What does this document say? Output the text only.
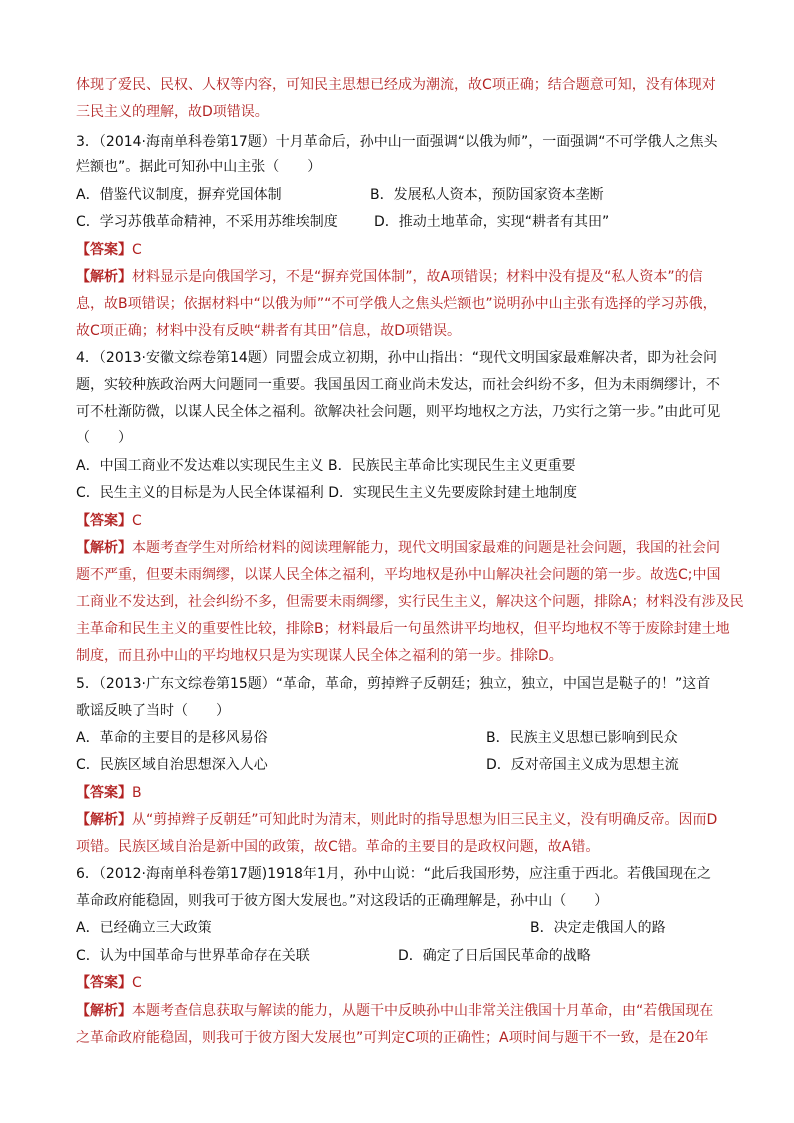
体现了爱民、民权、人权等内容，可知民主思想已经成为潮流，故C项正确；结合题意可知，没有体现对
三民主义的理解，故D项错误。
3．（2014·海南单科卷第17题）十月革命后，孙中山一面强调“以俄为师”，一面强调“不可学俄人之焦头
烂额也”。据此可知孙中山主张（　　）
A．借鉴代议制度，摒弃党国体制	B．发展私人资本，预防国家资本垄断
C．学习苏俄革命精神，不采用苏维埃制度	D．推动土地革命，实现“耕者有其田”
【答案】C
【解析】材料显示是向俄国学习，不是“摒弃党国体制”，故A项错误；材料中没有提及“私人资本”的信
息，故B项错误；依据材料中“以俄为师”“不可学俄人之焦头烂额也”说明孙中山主张有选择的学习苏俄，
故C项正确；材料中没有反映“耕者有其田”信息，故D项错误。
4．（2013·安徽文综卷第14题）同盟会成立初期，孙中山指出：“现代文明国家最难解决者，即为社会问
题，实较种族政治两大问题同一重要。我国虽因工商业尚未发达，而社会纠纷不多，但为未雨绸缪计，不
可不杜渐防微，以谋人民全体之福利。欲解决社会问题，则平均地权之方法，乃实行之第一步。”由此可见
（　　）
A．中国工商业不发达难以实现民生主义 B．民族民主革命比实现民生主义更重要
C．民生主义的目标是为人民全体谋福利 D．实现民生主义先要废除封建土地制度
【答案】C
【解析】本题考查学生对所给材料的阅读理解能力，现代文明国家最难的问题是社会问题，我国的社会问
题不严重，但要未雨绸缪，以谋人民全体之福利，平均地权是孙中山解决社会问题的第一步。故选C;中国
工商业不发达到，社会纠纷不多，但需要未雨绸缪，实行民生主义，解决这个问题，排除A；材料没有涉及民
主革命和民生主义的重要性比较，排除B；材料最后一句虽然讲平均地权，但平均地权不等于废除封建土地
制度，而且孙中山的平均地权只是为实现谋人民全体之福利的第一步。排除D。
5．（2013·广东文综卷第15题）“革命，革命，剪掉辫子反朝廷；独立，独立，中国岂是鞑子的！”这首
歌谣反映了当时（　　）
A．革命的主要目的是移风易俗	B．民族主义思想已影响到民众
C．民族区域自治思想深入人心	D．反对帝国主义成为思想主流
【答案】B
【解析】从“剪掉辫子反朝廷”可知此时为清末，则此时的指导思想为旧三民主义，没有明确反帝。因而D
项错。民族区域自治是新中国的政策，故C错。革命的主要目的是政权问题，故A错。
6．（2012·海南单科卷第17题)1918年1月，孙中山说：“此后我国形势，应注重于西北。若俄国现在之
革命政府能稳固，则我可于彼方图大发展也。”对这段话的正确理解是，孙中山（　　）
A．已经确立三大政策	B．决定走俄国人的路
C．认为中国革命与世界革命存在关联	D．确定了日后国民革命的战略
【答案】C
【解析】本题考查信息获取与解读的能力，从题干中反映孙中山非常关注俄国十月革命，由“若俄国现在
之革命政府能稳固，则我可于彼方图大发展也”可判定C项的正确性；A项时间与题干不一致，是在20年
